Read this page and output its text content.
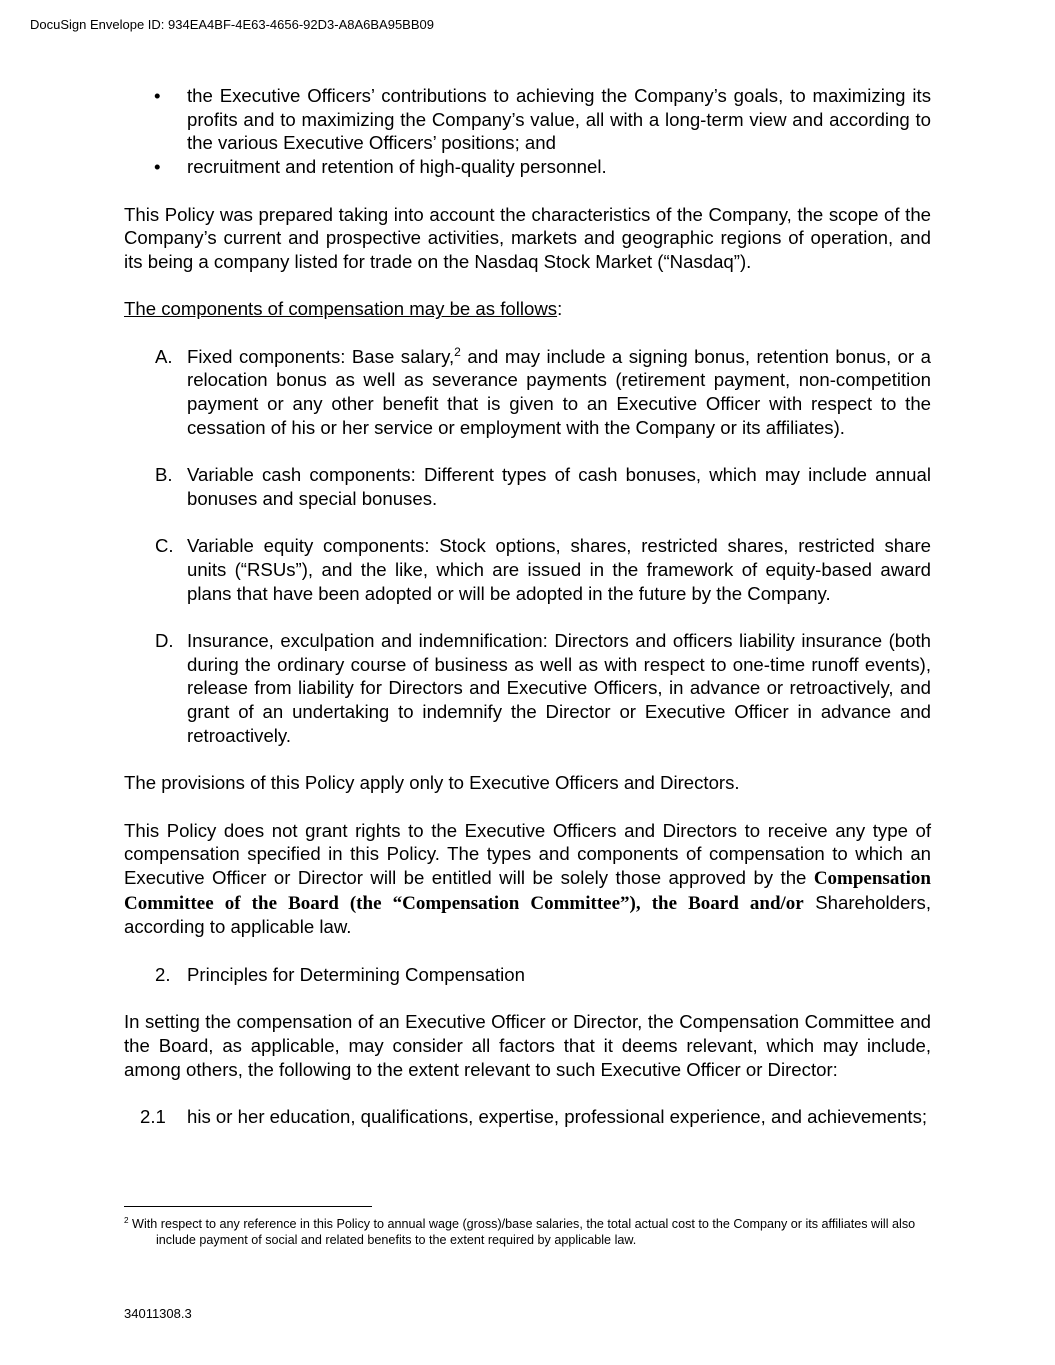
DocuSign Envelope ID: 934EA4BF-4E63-4656-92D3-A8A6BA95BB09
• the Executive Officers’ contributions to achieving the Company’s goals, to maximizing its profits and to maximizing the Company’s value, all with a long-term view and according to the various Executive Officers’ positions; and
• recruitment and retention of high-quality personnel.

This Policy was prepared taking into account the characteristics of the Company, the scope of the Company’s current and prospective activities, markets and geographic regions of operation, and its being a company listed for trade on the Nasdaq Stock Market (“Nasdaq”).

The components of compensation may be as follows:

A. Fixed components: Base salary,$^2$ and may include a signing bonus, retention bonus, or a relocation bonus as well as severance payments (retirement payment, non-competition payment or any other benefit that is given to an Executive Officer with respect to the cessation of his or her service or employment with the Company or its affiliates).
B. Variable cash components: Different types of cash bonuses, which may include annual bonuses and special bonuses.
C. Variable equity components: Stock options, shares, restricted shares, restricted share units (“RSUs”), and the like, which are issued in the framework of equity-based award plans that have been adopted or will be adopted in the future by the Company.
D. Insurance, exculpation and indemnification: Directors and officers liability insurance (both during the ordinary course of business as well as with respect to one-time runoff events), release from liability for Directors and Executive Officers, in advance or retroactively, and grant of an undertaking to indemnify the Director or Executive Officer in advance and retroactively.

The provisions of this Policy apply only to Executive Officers and Directors.

This Policy does not grant rights to the Executive Officers and Directors to receive any type of compensation specified in this Policy. The types and components of compensation to which an Executive Officer or Director will be entitled will be solely those approved by the Compensation Committee of the Board (the “Compensation Committee”), the Board and/or Shareholders, according to applicable law.

2. Principles for Determining Compensation

In setting the compensation of an Executive Officer or Director, the Compensation Committee and the Board, as applicable, may consider all factors that it deems relevant, which may include, among others, the following to the extent relevant to such Executive Officer or Director:

2.1 his or her education, qualifications, expertise, professional experience, and achievements;
$^2$ With respect to any reference in this Policy to annual wage (gross)/base salaries, the total actual cost to the Company or its affiliates will also include payment of social and related benefits to the extent required by applicable law.
34011308.3
